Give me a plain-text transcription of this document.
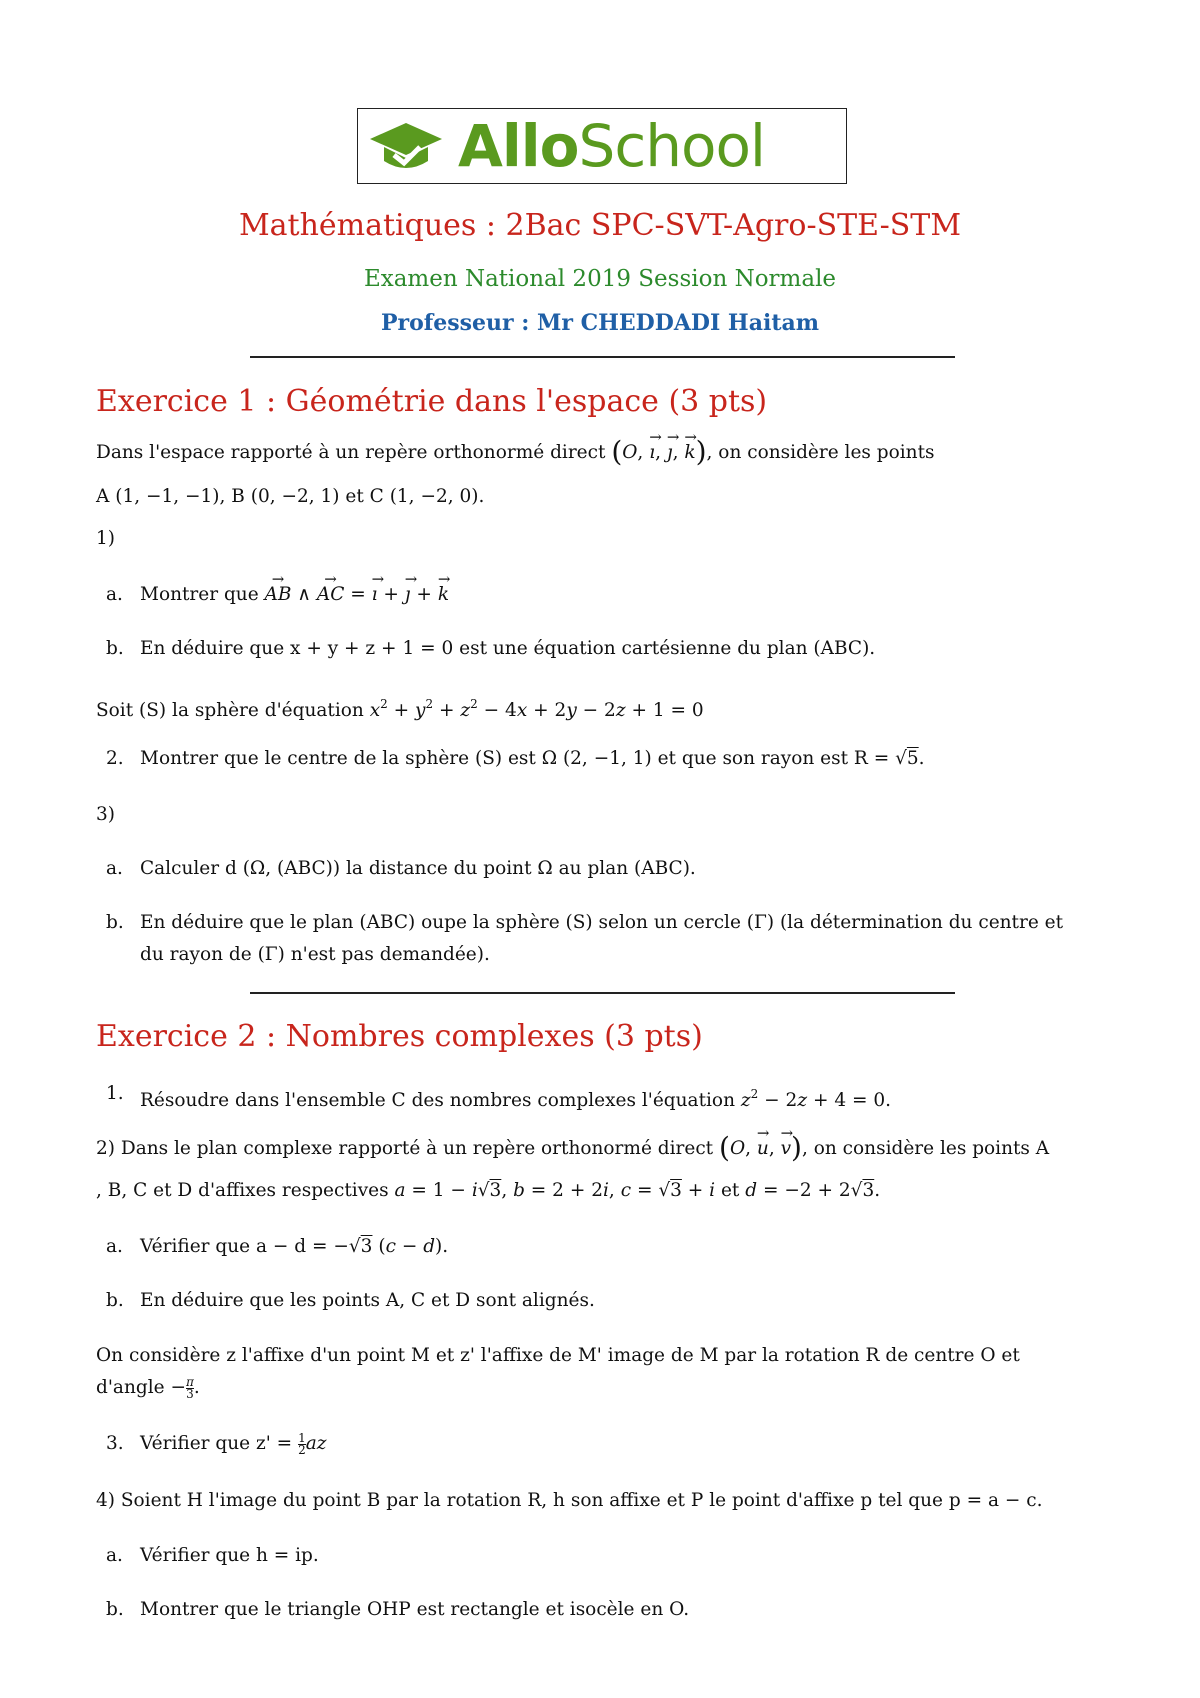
AlloSchool
Mathématiques : 2Bac SPC-SVT-Agro-STE-STM
Examen National 2019 Session Normale
Professeur : Mr CHEDDADI Haitam
Exercice 1 : Géométrie dans l'espace (3 pts)
Dans l'espace rapporté à un repère orthonormé direct (O, → ı, → ȷ, → k), on considère les points
A (1, −1, −1), B (0, −2, 1) et C (1, −2, 0).
1)
a. Montrer que → AB ∧ → AC = → ı + → ȷ + → k
b. En déduire que x + y + z + 1 = 0 est une équation cartésienne du plan (ABC).
Soit (S) la sphère d'équation $x^2 + y^2 + z^2 - 4x + 2y - 2z + 1 = 0$
2. Montrer que le centre de la sphère (S) est Ω (2, −1, 1) et que son rayon est R = √5.
3)
a. Calculer d (Ω, (ABC)) la distance du point Ω au plan (ABC).
b. En déduire que le plan (ABC) oupe la sphère (S) selon un cercle (Γ) (la détermination du centre et
du rayon de (Γ) n'est pas demandée).
Exercice 2 : Nombres complexes (3 pts)
1. Résoudre dans l'ensemble C des nombres complexes l'équation $z^2 - 2z + 4 = 0$.
2) Dans le plan complexe rapporté à un repère orthonormé direct (O, → u, → v), on considère les points A
, B, C et D d'affixes respectives a = 1 − i√3, b = 2 + 2i, c = √3 + i et d = −2 + 2√3.
a. Vérifier que a − d = −√3 (c − d).
b. En déduire que les points A, C et D sont alignés.
On considère z l'affixe d'un point M et z' l'affixe de M' image de M par la rotation R de centre O et
d'angle − $\frac{\pi}{3}$ .
3. Vérifier que $z' = \frac{1}{2}$ az
4) Soient H l'image du point B par la rotation R, h son affixe et P le point d'affixe p tel que p = a − c.
a. Vérifier que h = ip.
b. Montrer que le triangle OHP est rectangle et isocèle en O.
